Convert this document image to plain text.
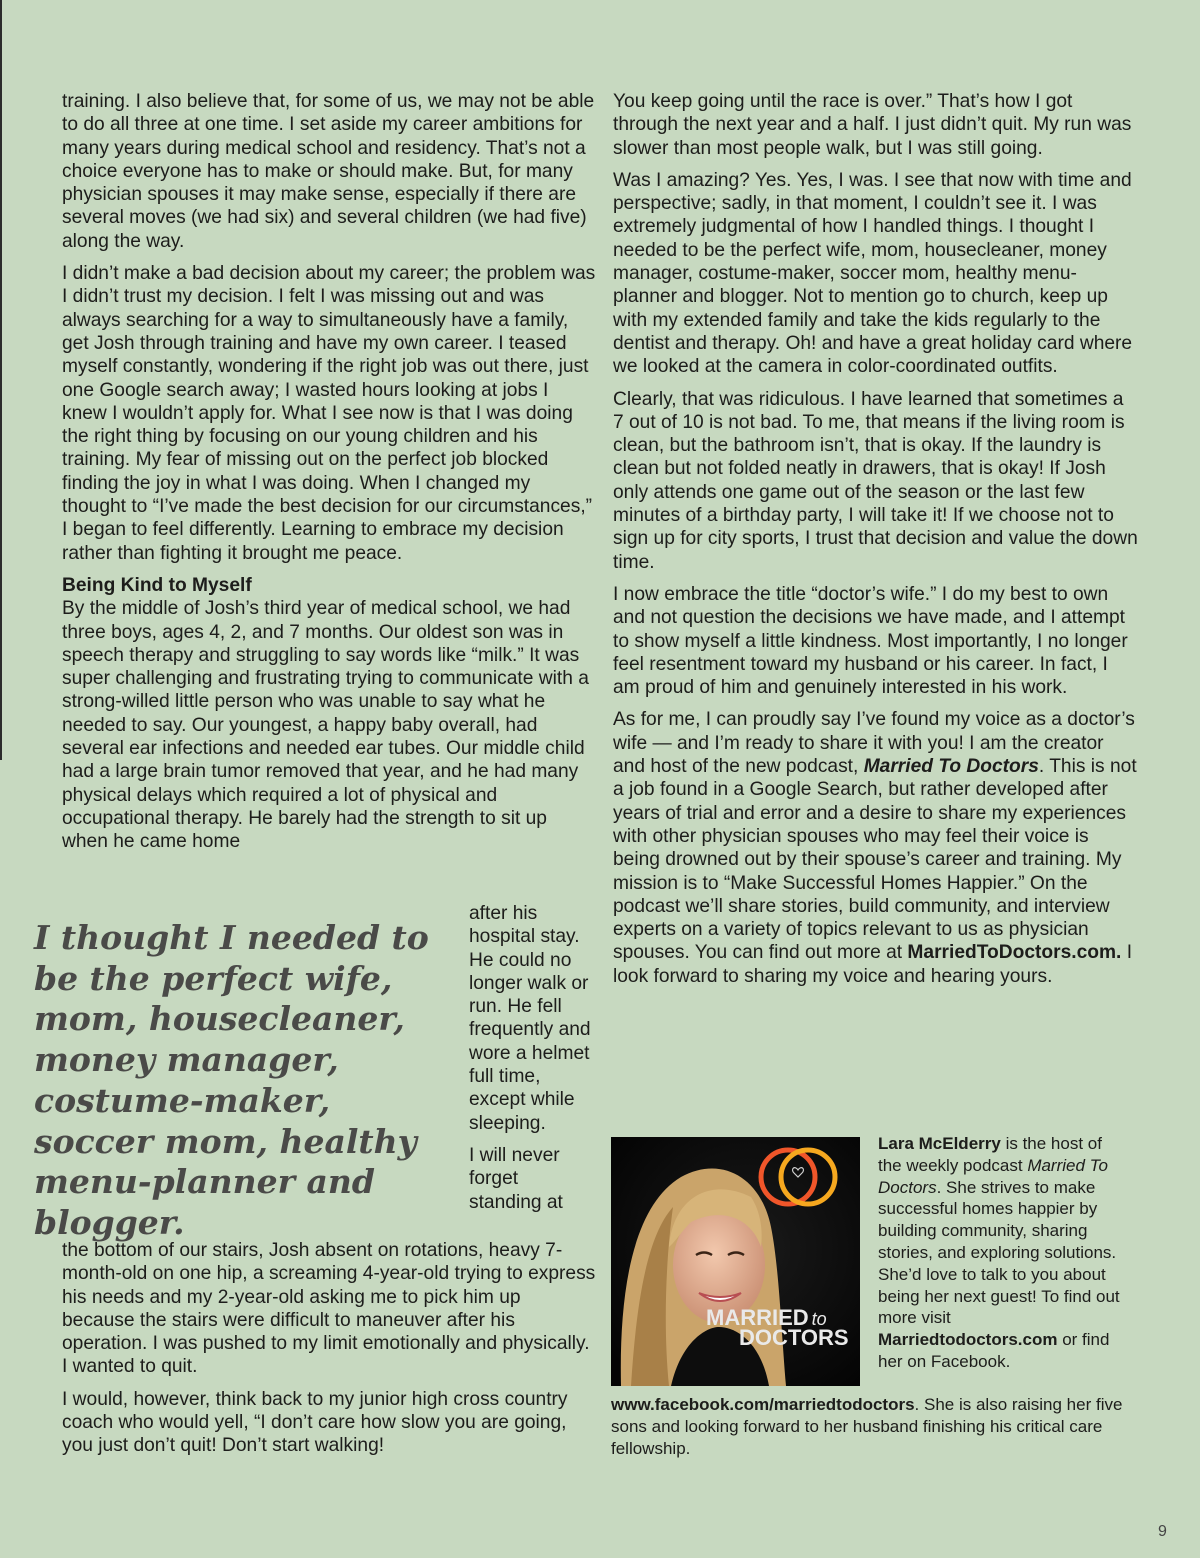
training. I also believe that, for some of us, we may not be able to do all three at one time. I set aside my career ambitions for many years during medical school and residency. That’s not a choice everyone has to make or should make. But, for many physician spouses it may make sense, especially if there are several moves (we had six) and several children (we had five) along the way.

I didn’t make a bad decision about my career; the problem was I didn’t trust my decision. I felt I was missing out and was always searching for a way to simultaneously have a family, get Josh through training and have my own career. I teased myself constantly, wondering if the right job was out there, just one Google search away; I wasted hours looking at jobs I knew I wouldn’t apply for. What I see now is that I was doing the right thing by focusing on our young children and his training. My fear of missing out on the perfect job blocked finding the joy in what I was doing. When I changed my thought to “I’ve made the best decision for our circumstances,” I began to feel differently. Learning to embrace my decision rather than fighting it brought me peace.

Being Kind to Myself

By the middle of Josh’s third year of medical school, we had three boys, ages 4, 2, and 7 months. Our oldest son was in speech therapy and struggling to say words like “milk.” It was super challenging and frustrating trying to communicate with a strong-willed little person who was unable to say what he needed to say. Our youngest, a happy baby overall, had several ear infections and needed ear tubes. Our middle child had a large brain tumor removed that year, and he had many physical delays which required a lot of physical and occupational therapy. He barely had the strength to sit up when he came home

I thought I needed to be the perfect wife, mom, housecleaner, money manager, costume-maker, soccer mom, healthy menu-planner and blogger.

after his hospital stay. He could no longer walk or run. He fell frequently and wore a helmet full time, except while sleeping.

I will never forget standing at

the bottom of our stairs, Josh absent on rotations, heavy 7-month-old on one hip, a screaming 4-year-old trying to express his needs and my 2-year-old asking me to pick him up because the stairs were difficult to maneuver after his operation. I was pushed to my limit emotionally and physically. I wanted to quit.

I would, however, think back to my junior high cross country coach who would yell, “I don’t care how slow you are going, you just don’t quit! Don’t start walking!

You keep going until the race is over.” That’s how I got through the next year and a half. I just didn’t quit. My run was slower than most people walk, but I was still going.

Was I amazing? Yes. Yes, I was. I see that now with time and perspective; sadly, in that moment, I couldn’t see it. I was extremely judgmental of how I handled things. I thought I needed to be the perfect wife, mom, housecleaner, money manager, costume-maker, soccer mom, healthy menu-planner and blogger. Not to mention go to church, keep up with my extended family and take the kids regularly to the dentist and therapy. Oh! and have a great holiday card where we looked at the camera in color-coordinated outfits.

Clearly, that was ridiculous. I have learned that sometimes a 7 out of 10 is not bad. To me, that means if the living room is clean, but the bathroom isn’t, that is okay. If the laundry is clean but not folded neatly in drawers, that is okay! If Josh only attends one game out of the season or the last few minutes of a birthday party, I will take it! If we choose not to sign up for city sports, I trust that decision and value the down time.

I now embrace the title “doctor’s wife.” I do my best to own and not question the decisions we have made, and I attempt to show myself a little kindness. Most importantly, I no longer feel resentment toward my husband or his career. In fact, I am proud of him and genuinely interested in his work.

As for me, I can proudly say I’ve found my voice as a doctor’s wife — and I’m ready to share it with you! I am the creator and host of the new podcast, Married To Doctors. This is not a job found in a Google Search, but rather developed after years of trial and error and a desire to share my experiences with other physician spouses who may feel their voice is being drowned out by their spouse’s career and training. My mission is to “Make Successful Homes Happier.” On the podcast we’ll share stories, build community, and interview experts on a variety of topics relevant to us as physician spouses. You can find out more at MarriedToDoctors.com. I look forward to sharing my voice and hearing yours.

MARRIED to
DOCTORS
Lara McElderry is the host of the weekly podcast Married To Doctors. She strives to make successful homes happier by building community, sharing stories, and exploring solutions. She’d love to talk to you about being her next guest! To find out more visit Marriedtodoctors.com or find her on Facebook.
www.facebook.com/marriedtodoctors. She is also raising her five sons and looking forward to her husband finishing his critical care fellowship.
9
